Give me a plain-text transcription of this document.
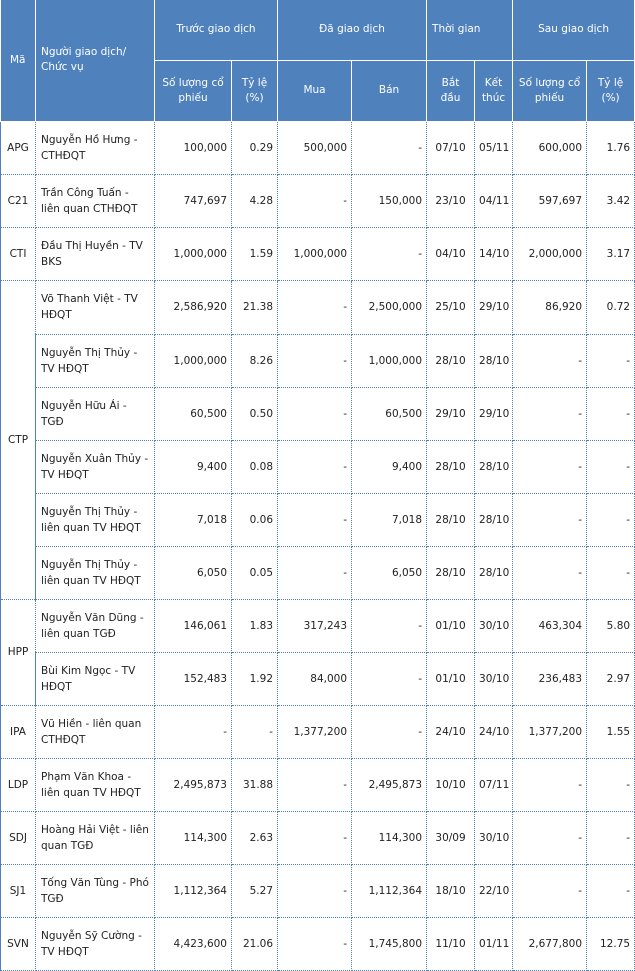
Mã	Người giao dịch/ Chức vụ	Trước giao dịch		Đã giao dịch		Thời gian		Sau giao dịch	
		Số lượng cổ phiếu	Tỷ lệ (%)	Mua	Bán	Bắt đầu	Kết thúc	Số lượng cổ phiếu	Tỷ lệ (%)
APG	Nguyễn Hồ Hưng - CTHĐQT	100,000	0.29	500,000	-	07/10	05/11	600,000	1.76
C21	Trần Công Tuấn - liên quan CTHĐQT	747,697	4.28	-	150,000	23/10	04/11	597,697	3.42
CTI	Đầu Thị Huyền - TV BKS	1,000,000	1.59	1,000,000	-	04/10	14/10	2,000,000	3.17
CTP	Võ Thanh Việt - TV HĐQT	2,586,920	21.38	-	2,500,000	25/10	29/10	86,920	0.72
	Nguyễn Thị Thủy - TV HĐQT	1,000,000	8.26	-	1,000,000	28/10	28/10	-	-
	Nguyễn Hữu Ái - TGĐ	60,500	0.50	-	60,500	29/10	29/10	-	-
	Nguyễn Xuân Thủy - TV HĐQT	9,400	0.08	-	9,400	28/10	28/10	-	-
	Nguyễn Thị Thủy - liên quan TV HĐQT	7,018	0.06	-	7,018	28/10	28/10	-	-
	Nguyễn Thị Thủy - liên quan TV HĐQT	6,050	0.05	-	6,050	28/10	28/10	-	-
HPP	Nguyễn Văn Dũng - liên quan TGĐ	146,061	1.83	317,243	-	01/10	30/10	463,304	5.80
	Bùi Kim Ngọc - TV HĐQT	152,483	1.92	84,000	-	01/10	30/10	236,483	2.97
IPA	Vũ Hiền - liên quan CTHĐQT	-	-	1,377,200	-	24/10	24/10	1,377,200	1.55
LDP	Phạm Văn Khoa - liên quan TV HĐQT	2,495,873	31.88	-	2,495,873	10/10	07/11	-	-
SDJ	Hoàng Hải Việt - liên quan TGĐ	114,300	2.63	-	114,300	30/09	30/10	-	-
SJ1	Tống Văn Tùng - Phó TGĐ	1,112,364	5.27	-	1,112,364	18/10	22/10	-	-
SVN	Nguyễn Sỹ Cường - TV HĐQT	4,423,600	21.06	-	1,745,800	11/10	01/11	2,677,800	12.75
